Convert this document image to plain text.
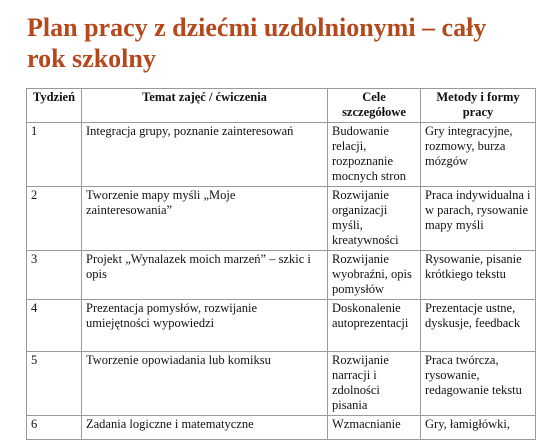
Plan pracy z dziećmi uzdolnionymi – cały rok szkolny
Tydzień	Temat zajęć / ćwiczenia	Cele szczegółowe	Metody i formy pracy
1	Integracja grupy, poznanie zainteresowań	Budowanie relacji, rozpoznanie mocnych stron	Gry integracyjne, rozmowy, burza mózgów
2	Tworzenie mapy myśli „Moje zainteresowania”	Rozwijanie organizacji myśli, kreatywności	Praca indywidualna i w parach, rysowanie mapy myśli
3	Projekt „Wynalazek moich marzeń” – szkic i opis	Rozwijanie wyobraźni, opis pomysłów	Rysowanie, pisanie krótkiego tekstu
4	Prezentacja pomysłów, rozwijanie umiejętności wypowiedzi	Doskonalenie autoprezentacji	Prezentacje ustne, dyskusje, feedback
5	Tworzenie opowiadania lub komiksu	Rozwijanie narracji i zdolności pisania	Praca twórcza, rysowanie, redagowanie tekstu
6	Zadania logiczne i matematyczne	Wzmacnianie	Gry, łamigłówki,
